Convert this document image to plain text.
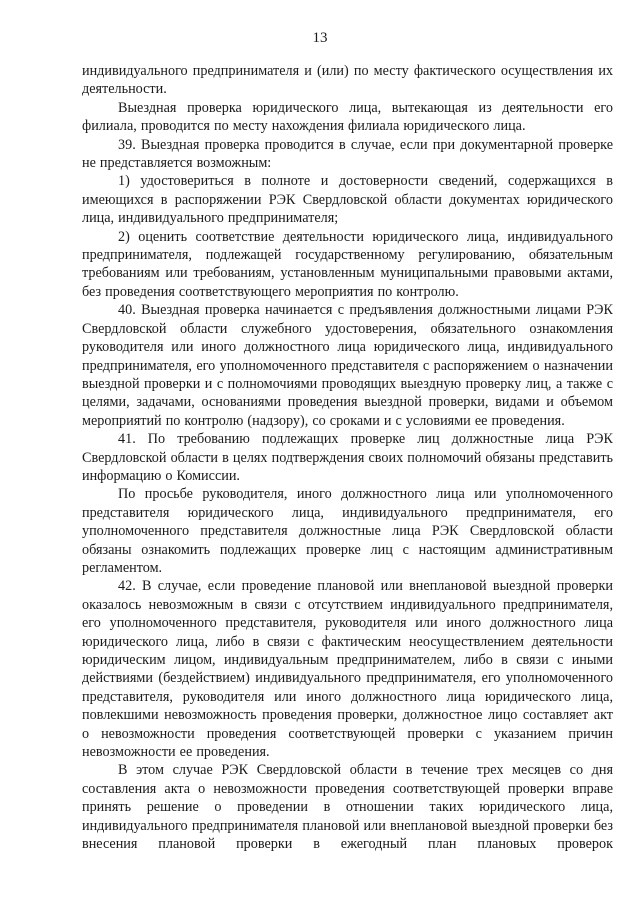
13

индивидуального предпринимателя и (или) по месту фактического осуществления их деятельности.

Выездная проверка юридического лица, вытекающая из деятельности его филиала, проводится по месту нахождения филиала юридического лица.

39. Выездная проверка проводится в случае, если при документарной проверке не представляется возможным:

1) удостовериться в полноте и достоверности сведений, содержащихся в имеющихся в распоряжении РЭК Свердловской области документах юридического лица, индивидуального предпринимателя;

2) оценить соответствие деятельности юридического лица, индивидуального предпринимателя, подлежащей государственному регулированию, обязательным требованиям или требованиям, установленным муниципальными правовыми актами, без проведения соответствующего мероприятия по контролю.

40. Выездная проверка начинается с предъявления должностными лицами РЭК Свердловской области служебного удостоверения, обязательного ознакомления руководителя или иного должностного лица юридического лица, индивидуального предпринимателя, его уполномоченного представителя с распоряжением о назначении выездной проверки и с полномочиями проводящих выездную проверку лиц, а также с целями, задачами, основаниями проведения выездной проверки, видами и объемом мероприятий по контролю (надзору), со сроками и с условиями ее проведения.

41. По требованию подлежащих проверке лиц должностные лица РЭК Свердловской области в целях подтверждения своих полномочий обязаны представить информацию о Комиссии.

По просьбе руководителя, иного должностного лица или уполномоченного представителя юридического лица, индивидуального предпринимателя, его уполномоченного представителя должностные лица РЭК Свердловской области обязаны ознакомить подлежащих проверке лиц с настоящим административным регламентом.

42. В случае, если проведение плановой или внеплановой выездной проверки оказалось невозможным в связи с отсутствием индивидуального предпринимателя, его уполномоченного представителя, руководителя или иного должностного лица юридического лица, либо в связи с фактическим неосуществлением деятельности юридическим лицом, индивидуальным предпринимателем, либо в связи с иными действиями (бездействием) индивидуального предпринимателя, его уполномоченного представителя, руководителя или иного должностного лица юридического лица, повлекшими невозможность проведения проверки, должностное лицо составляет акт о невозможности проведения соответствующей проверки с указанием причин невозможности ее проведения.

В этом случае РЭК Свердловской области в течение трех месяцев со дня составления акта о невозможности проведения соответствующей проверки вправе принять решение о проведении в отношении таких юридического лица, индивидуального предпринимателя плановой или внеплановой выездной проверки без внесения плановой проверки в ежегодный план плановых проверок
